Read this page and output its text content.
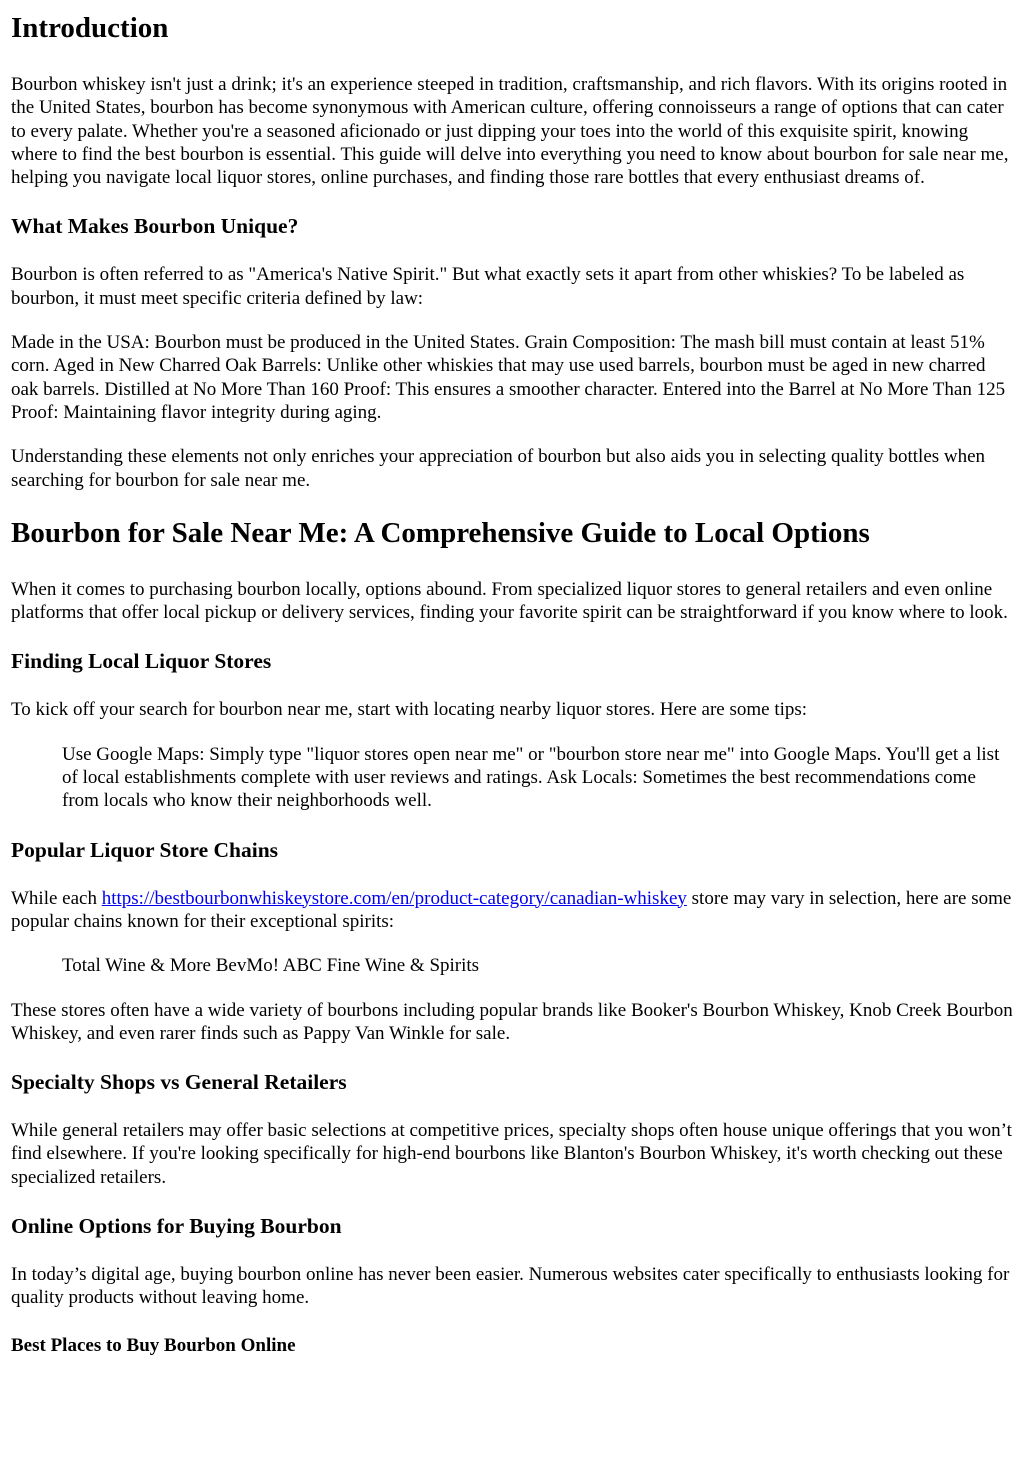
Introduction

Bourbon whiskey isn't just a drink; it's an experience steeped in tradition, craftsmanship, and rich flavors. With its origins rooted in the United States, bourbon has become synonymous with American culture, offering connoisseurs a range of options that can cater to every palate. Whether you're a seasoned aficionado or just dipping your toes into the world of this exquisite spirit, knowing where to find the best bourbon is essential. This guide will delve into everything you need to know about bourbon for sale near me, helping you navigate local liquor stores, online purchases, and finding those rare bottles that every enthusiast dreams of.

What Makes Bourbon Unique?

Bourbon is often referred to as "America's Native Spirit." But what exactly sets it apart from other whiskies? To be labeled as bourbon, it must meet specific criteria defined by law:

Made in the USA: Bourbon must be produced in the United States. Grain Composition: The mash bill must contain at least 51% corn. Aged in New Charred Oak Barrels: Unlike other whiskies that may use used barrels, bourbon must be aged in new charred oak barrels. Distilled at No More Than 160 Proof: This ensures a smoother character. Entered into the Barrel at No More Than 125 Proof: Maintaining flavor integrity during aging.

Understanding these elements not only enriches your appreciation of bourbon but also aids you in selecting quality bottles when searching for bourbon for sale near me.

Bourbon for Sale Near Me: A Comprehensive Guide to Local Options

When it comes to purchasing bourbon locally, options abound. From specialized liquor stores to general retailers and even online platforms that offer local pickup or delivery services, finding your favorite spirit can be straightforward if you know where to look.

Finding Local Liquor Stores

To kick off your search for bourbon near me, start with locating nearby liquor stores. Here are some tips:

Use Google Maps: Simply type "liquor stores open near me" or "bourbon store near me" into Google Maps. You'll get a list of local establishments complete with user reviews and ratings. Ask Locals: Sometimes the best recommendations come from locals who know their neighborhoods well.
Popular Liquor Store Chains

While each https://bestbourbonwhiskeystore.com/en/product-category/canadian-whiskey store may vary in selection, here are some popular chains known for their exceptional spirits:

Total Wine & More BevMo! ABC Fine Wine & Spirits

These stores often have a wide variety of bourbons including popular brands like Booker's Bourbon Whiskey, Knob Creek Bourbon Whiskey, and even rarer finds such as Pappy Van Winkle for sale.

Specialty Shops vs General Retailers

While general retailers may offer basic selections at competitive prices, specialty shops often house unique offerings that you won’t find elsewhere. If you're looking specifically for high-end bourbons like Blanton's Bourbon Whiskey, it's worth checking out these specialized retailers.

Online Options for Buying Bourbon

In today’s digital age, buying bourbon online has never been easier. Numerous websites cater specifically to enthusiasts looking for quality products without leaving home.

Best Places to Buy Bourbon Online
